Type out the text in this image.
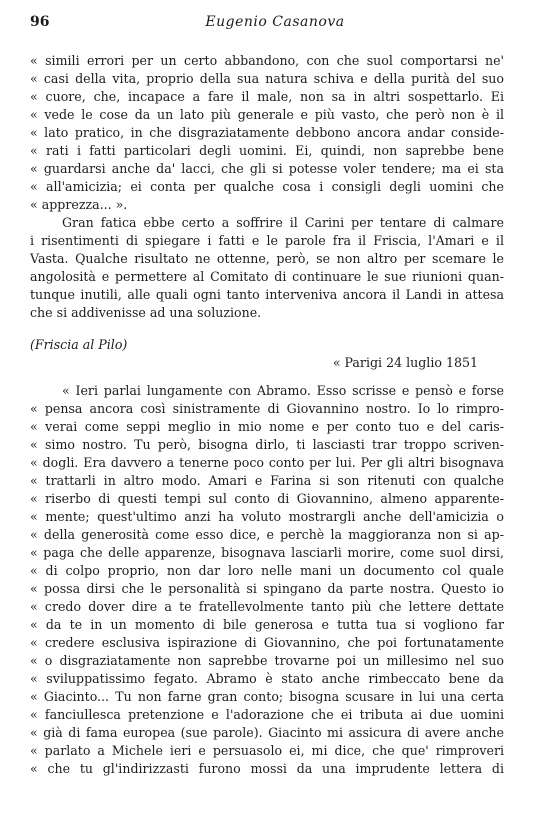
96	Eugenio Casanova
« simili errori per un certo abbandono, con che suol comportarsi ne'
« casi della vita, proprio della sua natura schiva e della purità del suo
« cuore, che, incapace a fare il male, non sa in altri sospettarlo. Ei
« vede le cose da un lato più generale e più vasto, che però non è il
« lato pratico, in che disgraziatamente debbono ancora andar conside-
« rati i fatti particolari degli uomini. Ei, quindi, non saprebbe bene
« guardarsi anche da' lacci, che gli si potesse voler tendere; ma ei sta
« all'amicizia; ei conta per qualche cosa i consigli degli uomini che
« apprezza... ».
Gran fatica ebbe certo a soffrire il Carini per tentare di calmare
i risentimenti di spiegare i fatti e le parole fra il Friscia, l'Amari e il
Vasta. Qualche risultato ne ottenne, però, se non altro per scemare le
angolosità e permettere al Comitato di continuare le sue riunioni quan-
tunque inutili, alle quali ogni tanto interveniva ancora il Landi in attesa
che si addivenisse ad una soluzione.
(Friscia al Pilo)
« Parigi 24 luglio 1851
« Ieri parlai lungamente con Abramo. Esso scrisse e pensò e forse
« pensa ancora così sinistramente di Giovannino nostro. Io lo rimpro-
« verai come seppi meglio in mio nome e per conto tuo e del caris-
« simo nostro. Tu però, bisogna dirlo, ti lasciasti trar troppo scriven-
« dogli. Era davvero a tenerne poco conto per lui. Per gli altri bisognava
« trattarli in altro modo. Amari e Farina si son ritenuti con qualche
« riserbo di questi tempi sul conto di Giovannino, almeno apparente-
« mente; quest'ultimo anzi ha voluto mostrargli anche dell'amicizia o
« della generosità come esso dice, e perchè la maggioranza non si ap-
« paga che delle apparenze, bisognava lasciarli morire, come suol dirsi,
« di colpo proprio, non dar loro nelle mani un documento col quale
« possa dirsi che le personalità si spingano da parte nostra. Questo io
« credo dover dire a te fratellevolmente tanto più che lettere dettate
« da te in un momento di bile generosa e tutta tua si vogliono far
« credere esclusiva ispirazione di Giovannino, che poi fortunatamente
« o disgraziatamente non saprebbe trovarne poi un millesimo nel suo
« sviluppatissimo fegato. Abramo è stato anche rimbeccato bene da
« Giacinto... Tu non farne gran conto; bisogna scusare in lui una certa
« fanciullesca pretenzione e l'adorazione che ei tributa ai due uomini
« già di fama europea (sue parole). Giacinto mi assicura di avere anche
« parlato a Michele ieri e persuasolo ei, mi dice, che que' rimproveri
« che tu gl'indirizzasti furono mossi da una imprudente lettera di
